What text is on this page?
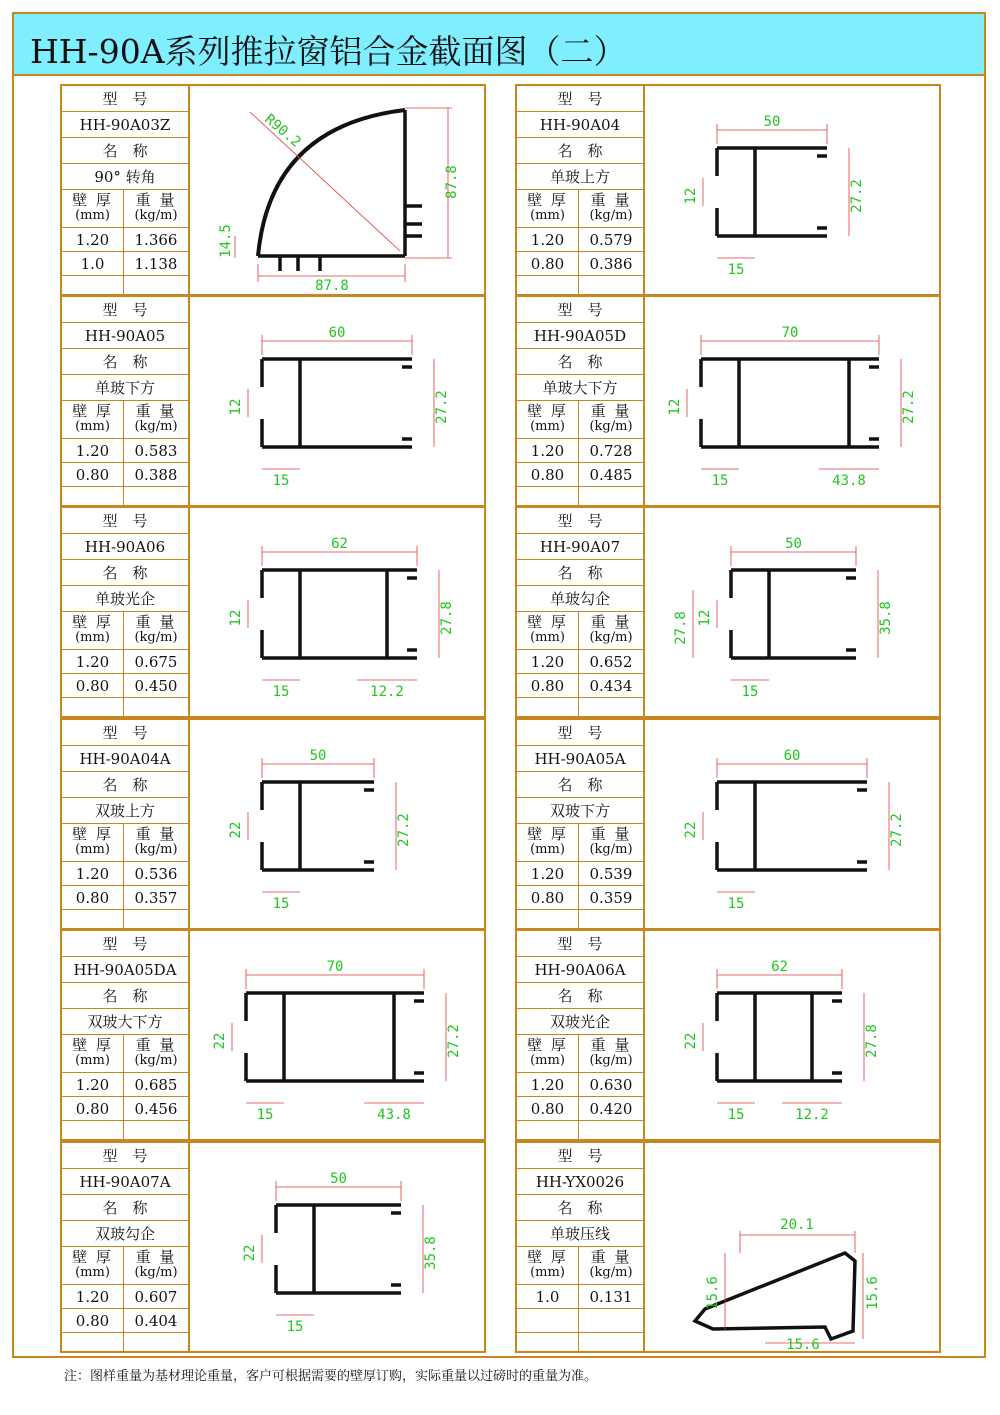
HH-90A系列推拉窗铝合金截面图（二）
型　号
HH-90A03Z
名　称
90° 转角
壁 厚
(mm)
重 量
(kg/m)
1.20	1.366
1.0	1.138
R90.2
87.8
14.5
87.8
型　号
HH-90A04
名　称
单玻上方
壁 厚
(mm)
重 量
(kg/m)
1.20	0.579
0.80	0.386
50
27.2
12
15
型　号
HH-90A05
名　称
单玻下方
壁 厚
(mm)
重 量
(kg/m)
1.20	0.583
0.80	0.388
60
27.2
12
15
型　号
HH-90A05D
名　称
单玻大下方
壁 厚
(mm)
重 量
(kg/m)
1.20	0.728
0.80	0.485
70
27.2
12
15	43.8
型　号
HH-90A06
名　称
单玻光企
壁 厚
(mm)
重 量
(kg/m)
1.20	0.675
0.80	0.450
62
27.8
12
15	12.2
型　号
HH-90A07
名　称
单玻勾企
壁 厚
(mm)
重 量
(kg/m)
1.20	0.652
0.80	0.434
50
35.8
12
15
27.8
型　号
HH-90A04A
名　称
双玻上方
壁 厚
(mm)
重 量
(kg/m)
1.20	0.536
0.80	0.357
50
27.2
22
15
型　号
HH-90A05A
名　称
双玻下方
壁 厚
(mm)
重 量
(kg/m)
1.20	0.539
0.80	0.359
60
27.2
22
15
型　号
HH-90A05DA
名　称
双玻大下方
壁 厚
(mm)
重 量
(kg/m)
1.20	0.685
0.80	0.456
70
27.2
22
15	43.8
型　号
HH-90A06A
名　称
双玻光企
壁 厚
(mm)
重 量
(kg/m)
1.20	0.630
0.80	0.420
62
27.8
22
15	12.2
型　号
HH-90A07A
名　称
双玻勾企
壁 厚
(mm)
重 量
(kg/m)
1.20	0.607
0.80	0.404
50
35.8
22
15
型　号
HH-YX0026
名　称
单玻压线
壁 厚
(mm)
重 量
(kg/m)
1.0	0.131
20.1
15.6	15.6
15.6
注：图样重量为基材理论重量，客户可根据需要的壁厚订购，实际重量以过磅时的重量为准。
